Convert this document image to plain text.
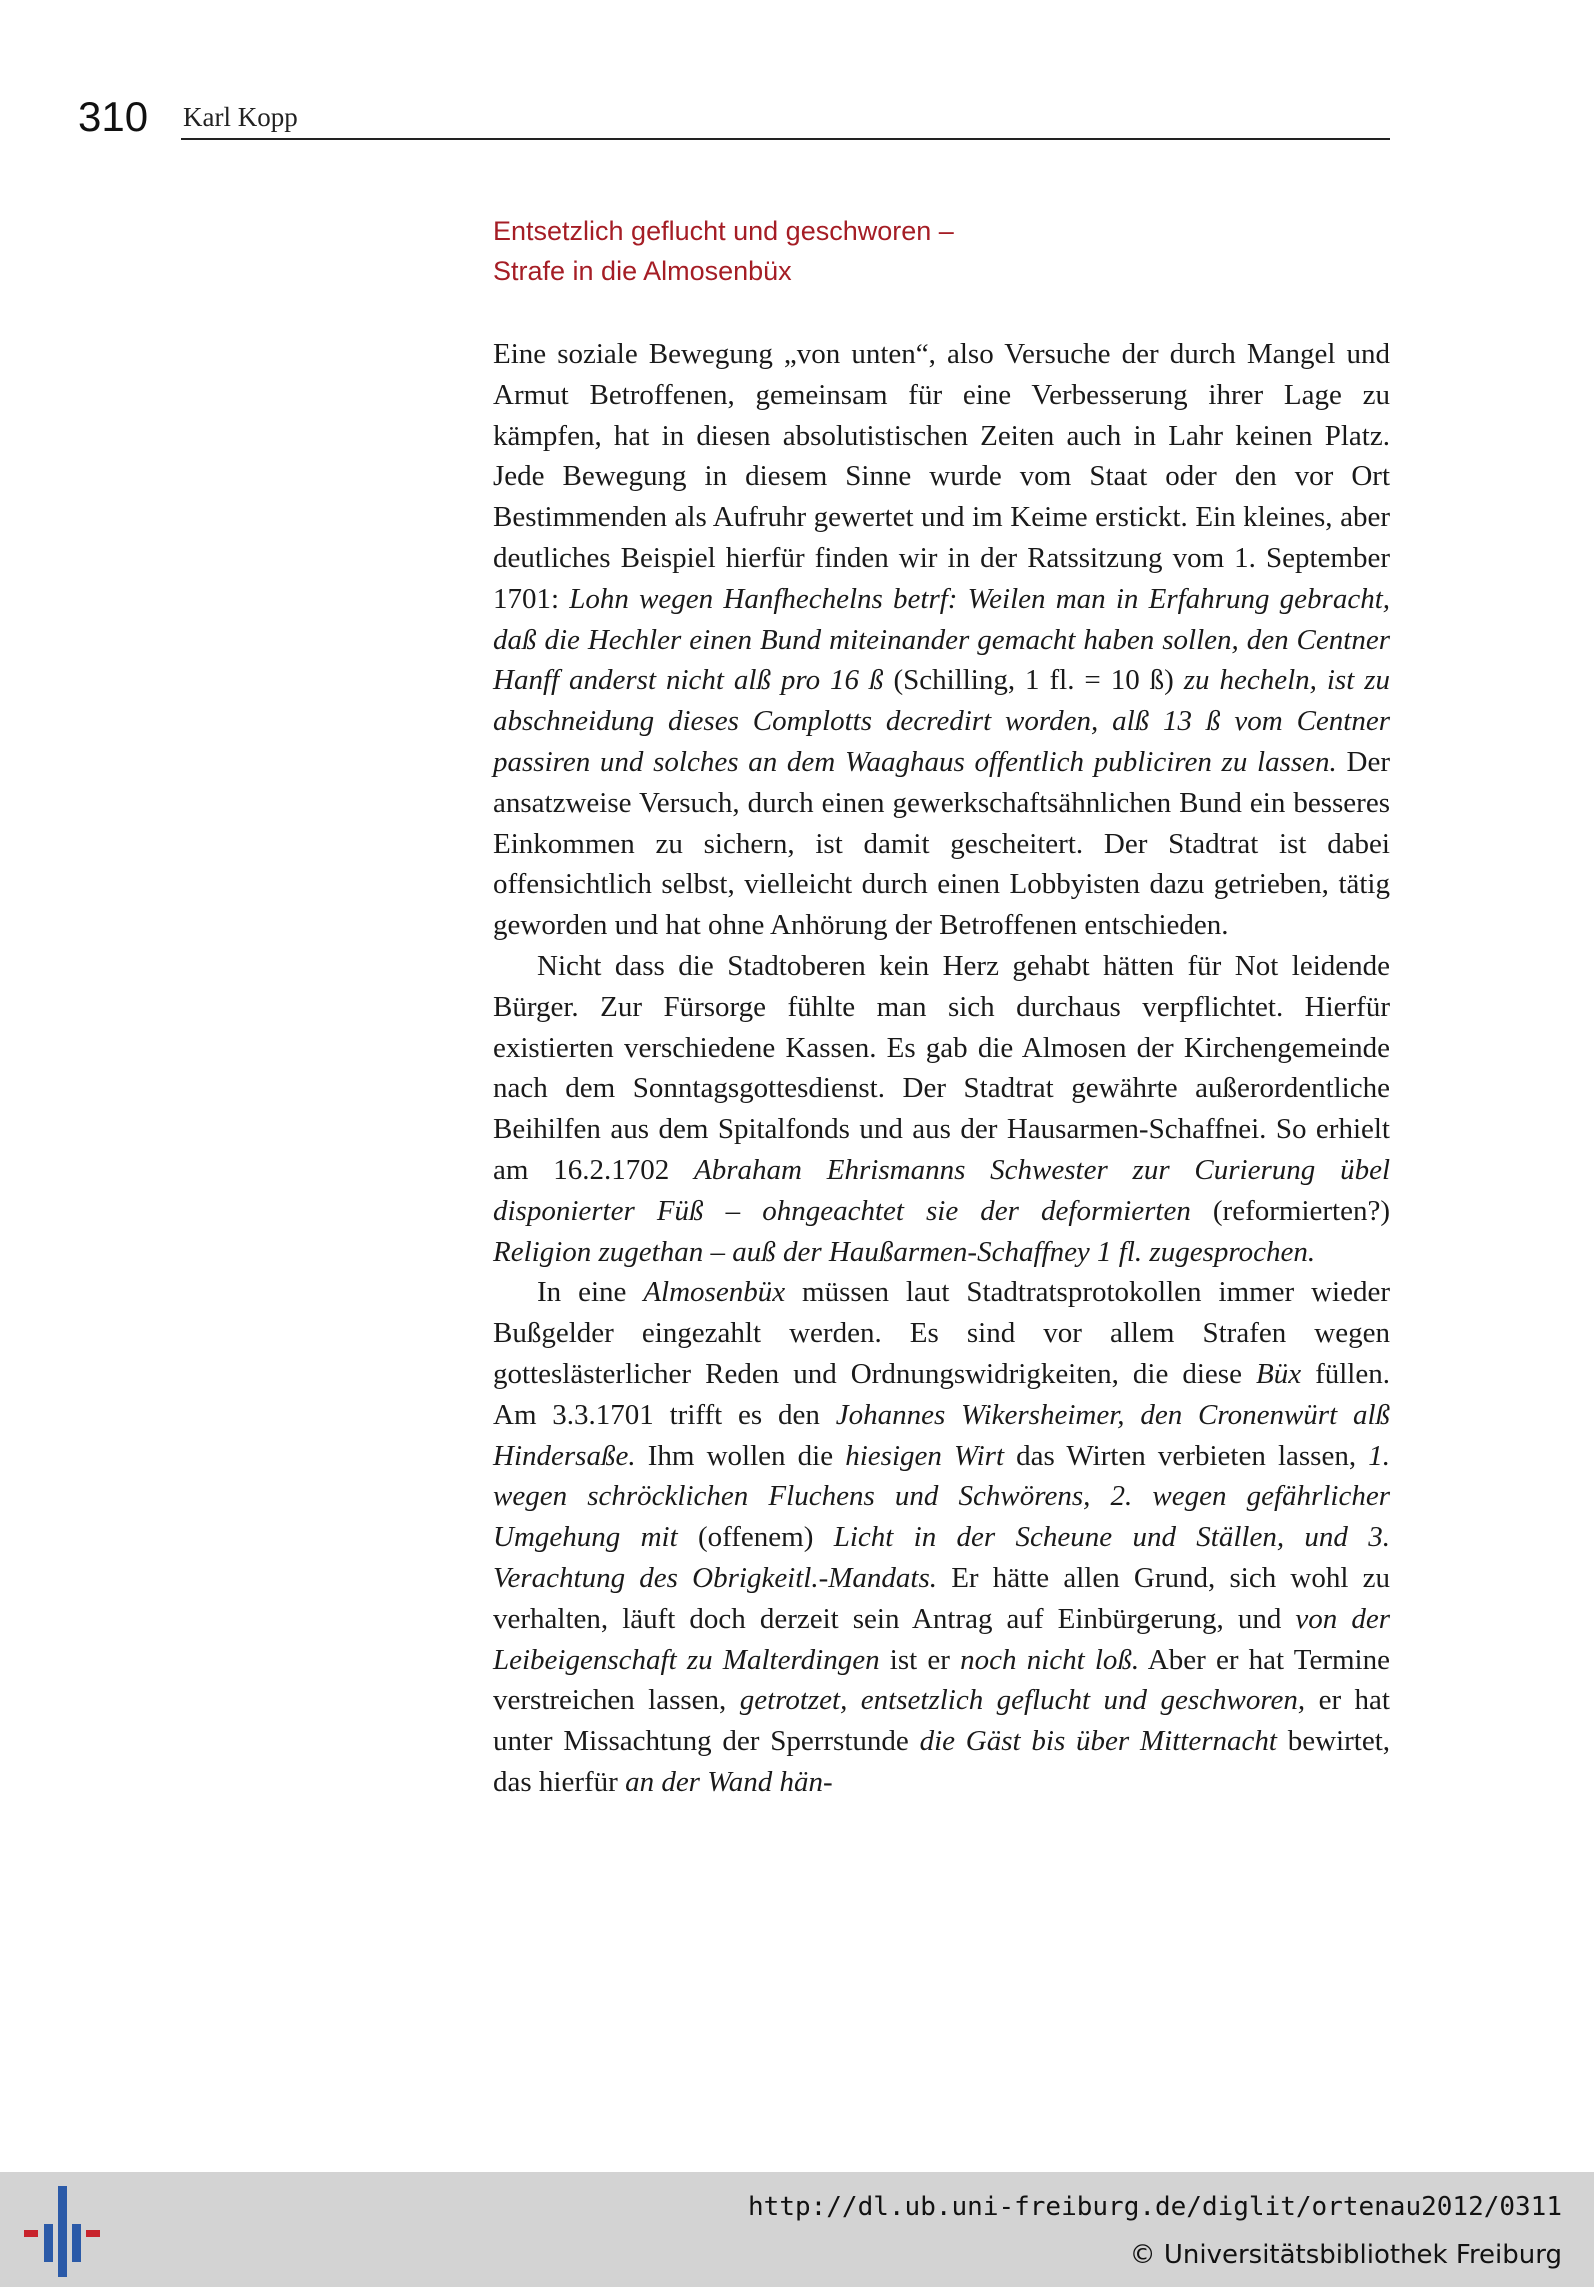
310 Karl Kopp
Entsetzlich geflucht und geschworen –
Strafe in die Almosenbüx

Eine soziale Bewegung „von unten“, also Versuche der durch Mangel und Armut Betroffenen, gemeinsam für eine Verbesserung ihrer Lage zu kämpfen, hat in diesen absolutistischen Zeiten auch in Lahr keinen Platz. Jede Bewegung in diesem Sinne wurde vom Staat oder den vor Ort Bestimmenden als Aufruhr gewertet und im Keime erstickt. Ein kleines, aber deutliches Beispiel hierfür finden wir in der Ratssitzung vom 1. September 1701: Lohn wegen Hanfhechelns betrf: Weilen man in Erfahrung gebracht, daß die Hechler einen Bund miteinander gemacht haben sollen, den Centner Hanff anderst nicht alß pro 16 ß (Schilling, 1 fl. = 10 ß) zu hecheln, ist zu abschneidung dieses Complotts decredirt worden, alß 13 ß vom Centner passiren und solches an dem Waaghaus offentlich publiciren zu lassen. Der ansatzweise Versuch, durch einen gewerkschaftsähnlichen Bund ein besseres Einkommen zu sichern, ist damit gescheitert. Der Stadtrat ist dabei offensichtlich selbst, vielleicht durch einen Lobbyisten dazu getrieben, tätig geworden und hat ohne Anhörung der Betroffenen entschieden.

Nicht dass die Stadtoberen kein Herz gehabt hätten für Not leidende Bürger. Zur Fürsorge fühlte man sich durchaus verpflichtet. Hierfür existierten verschiedene Kassen. Es gab die Almosen der Kirchengemeinde nach dem Sonntagsgottesdienst. Der Stadtrat gewährte außerordentliche Beihilfen aus dem Spitalfonds und aus der Hausarmen-Schaffnei. So erhielt am 16.2.1702 Abraham Ehrismanns Schwester zur Curierung übel disponierter Füß – ohngeachtet sie der deformierten (reformierten?) Religion zugethan – auß der Haußarmen-Schaffney 1 fl. zugesprochen.

In eine Almosenbüx müssen laut Stadtratsprotokollen immer wieder Bußgelder eingezahlt werden. Es sind vor allem Strafen wegen gotteslästerlicher Reden und Ordnungswidrigkeiten, die diese Büx füllen. Am 3.3.1701 trifft es den Johannes Wikersheimer, den Cronenwürt alß Hindersaße. Ihm wollen die hiesigen Wirt das Wirten verbieten lassen, 1. wegen schröcklichen Fluchens und Schwörens, 2. wegen gefährlicher Umgehung mit (offenem) Licht in der Scheune und Ställen, und 3. Verachtung des Obrigkeitl.-Mandats. Er hätte allen Grund, sich wohl zu verhalten, läuft doch derzeit sein Antrag auf Einbürgerung, und von der Leibeigenschaft zu Malterdingen ist er noch nicht loß. Aber er hat Termine verstreichen lassen, getrotzet, entsetzlich geflucht und geschworen, er hat unter Missachtung der Sperrstunde die Gäst bis über Mitternacht bewirtet, das hierfür an der Wand hän-

http://dl.ub.uni-freiburg.de/diglit/ortenau2012/0311
© Universitätsbibliothek Freiburg
